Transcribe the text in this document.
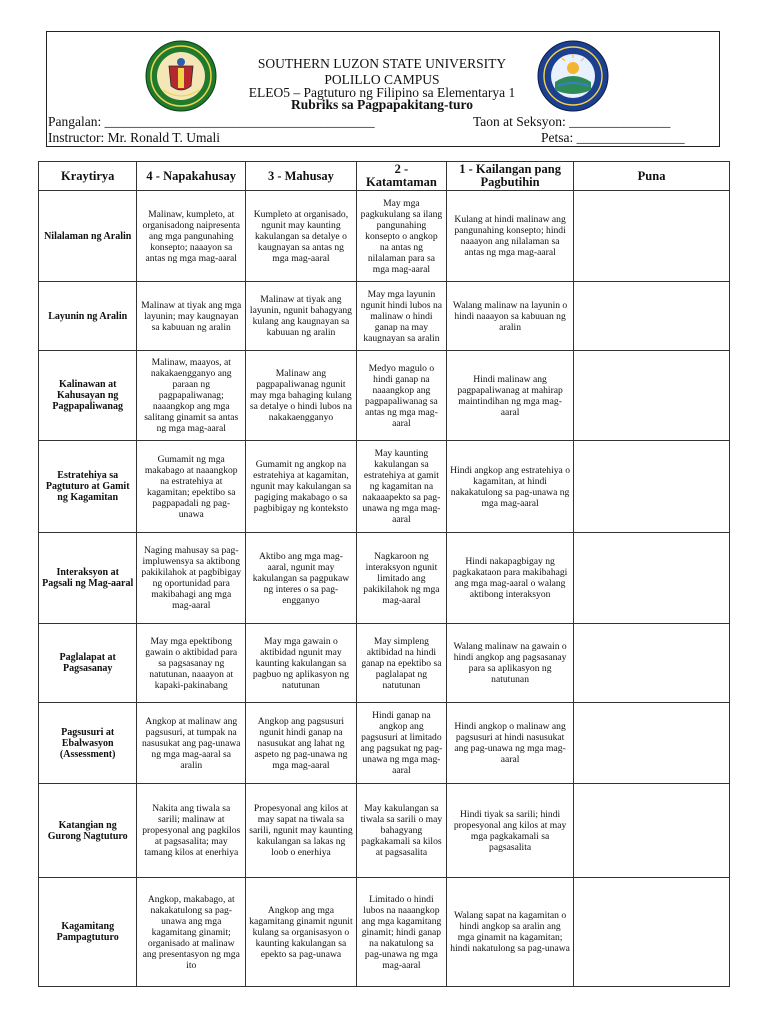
SOUTHERN LUZON STATE UNIVERSITY
POLILLO CAMPUS
ELEO5 – Pagtuturo ng Filipino sa Elementarya 1
Rubriks sa Pagpapakitang-turo
Pangalan: ________________________________________	Taon at Seksyon: _______________
Instructor: Mr. Ronald T. Umali	Petsa: ________________
Kraytirya	4 - Napakahusay	3 - Mahusay	2 - Katamtaman	1 - Kailangan pang Pagbutihin	Puna
Nilalaman ng Aralin	Malinaw, kumpleto, at organisadong naipresenta ang mga pangunahing konsepto; naaayon sa antas ng mga mag-aaral	Kumpleto at organisado, ngunit may kaunting kakulangan sa detalye o kaugnayan sa antas ng mga mag-aaral	May mga pagkukulang sa ilang pangunahing konsepto o angkop na antas ng nilalaman para sa mga mag-aaral	Kulang at hindi malinaw ang pangunahing konsepto; hindi naaayon ang nilalaman sa antas ng mga mag-aaral	
Layunin ng Aralin	Malinaw at tiyak ang mga layunin; may kaugnayan sa kabuuan ng aralin	Malinaw at tiyak ang layunin, ngunit bahagyang kulang ang kaugnayan sa kabuuan ng aralin	May mga layunin ngunit hindi lubos na malinaw o hindi ganap na may kaugnayan sa aralin	Walang malinaw na layunin o hindi naaayon sa kabuuan ng aralin	
Kalinawan at Kahusayan ng Pagpapaliwanag	Malinaw, maayos, at nakakaengganyo ang paraan ng pagpapaliwanag; naaangkop ang mga salitang ginamit sa antas ng mga mag-aaral	Malinaw ang pagpapaliwanag ngunit may mga bahaging kulang sa detalye o hindi lubos na nakakaengganyo	Medyo magulo o hindi ganap na naaangkop ang pagpapaliwanag sa antas ng mga mag-aaral	Hindi malinaw ang pagpapaliwanag at mahirap maintindihan ng mga mag-aaral	
Estratehiya sa Pagtuturo at Gamit ng Kagamitan	Gumamit ng mga makabago at naaangkop na estratehiya at kagamitan; epektibo sa pagpapadali ng pag-unawa	Gumamit ng angkop na estratehiya at kagamitan, ngunit may kakulangan sa pagiging makabago o sa pagbibigay ng konteksto	May kaunting kakulangan sa estratehiya at gamit ng kagamitan na nakaaapekto sa pag-unawa ng mga mag-aaral	Hindi angkop ang estratehiya o kagamitan, at hindi nakakatulong sa pag-unawa ng mga mag-aaral	
Interaksyon at Pagsali ng Mag-aaral	Naging mahusay sa pag-impluwensya sa aktibong pakikilahok at pagbibigay ng oportunidad para makibahagi ang mga mag-aaral	Aktibo ang mga mag-aaral, ngunit may kakulangan sa pagpukaw ng interes o sa pag-engganyo	Nagkaroon ng interaksyon ngunit limitado ang pakikilahok ng mga mag-aaral	Hindi nakapagbigay ng pagkakataon para makibahagi ang mga mag-aaral o walang aktibong interaksyon	
Paglalapat at Pagsasanay	May mga epektibong gawain o aktibidad para sa pagsasanay ng natutunan, naaayon at kapaki-pakinabang	May mga gawain o aktibidad ngunit may kaunting kakulangan sa pagbuo ng aplikasyon ng natutunan	May simpleng aktibidad na hindi ganap na epektibo sa paglalapat ng natutunan	Walang malinaw na gawain o hindi angkop ang pagsasanay para sa aplikasyon ng natutunan	
Pagsusuri at Ebalwasyon (Assessment)	Angkop at malinaw ang pagsusuri, at tumpak na nasusukat ang pag-unawa ng mga mag-aaral sa aralin	Angkop ang pagsusuri ngunit hindi ganap na nasusukat ang lahat ng aspeto ng pag-unawa ng mga mag-aaral	Hindi ganap na angkop ang pagsusuri at limitado ang pagsukat ng pag-unawa ng mga mag-aaral	Hindi angkop o malinaw ang pagsusuri at hindi nasusukat ang pag-unawa ng mga mag-aaral	
Katangian ng Gurong Nagtuturo	Nakita ang tiwala sa sarili; malinaw at propesyonal ang pagkilos at pagsasalita; may tamang kilos at enerhiya	Propesyonal ang kilos at may sapat na tiwala sa sarili, ngunit may kaunting kakulangan sa lakas ng loob o enerhiya	May kakulangan sa tiwala sa sarili o may bahagyang pagkakamali sa kilos at pagsasalita	Hindi tiyak sa sarili; hindi propesyonal ang kilos at may mga pagkakamali sa pagsasalita	
Kagamitang Pampagtuturo	Angkop, makabago, at nakakatulong sa pag-unawa ang mga kagamitang ginamit; organisado at malinaw ang presentasyon ng mga ito	Angkop ang mga kagamitang ginamit ngunit kulang sa organisasyon o kaunting kakulangan sa epekto sa pag-unawa	Limitado o hindi lubos na naaangkop ang mga kagamitang ginamit; hindi ganap na nakatulong sa pag-unawa ng mga mag-aaral	Walang sapat na kagamitan o hindi angkop sa aralin ang mga ginamit na kagamitan; hindi nakatulong sa pag-unawa	
